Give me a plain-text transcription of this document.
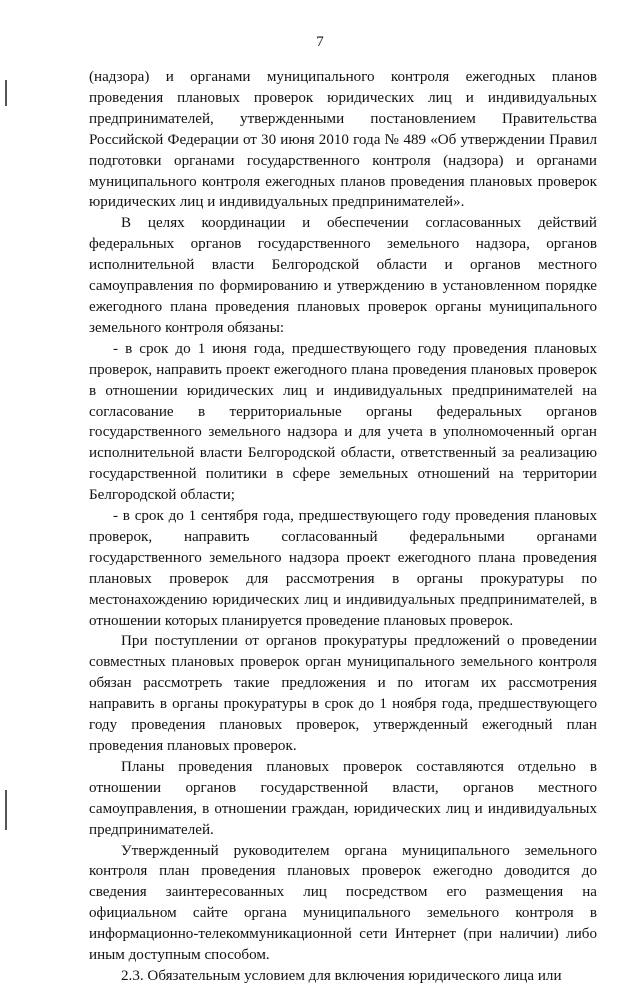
7

(надзора) и органами муниципального контроля ежегодных планов проведения плановых проверок юридических лиц и индивидуальных предпринимателей, утвержденными постановлением Правительства Российской Федерации от 30 июня 2010 года № 489 «Об утверждении Правил подготовки органами государственного контроля (надзора) и органами муниципального контроля ежегодных планов проведения плановых проверок юридических лиц и индивидуальных предпринимателей».

В целях координации и обеспечении согласованных действий федеральных органов государственного земельного надзора, органов исполнительной власти Белгородской области и органов местного самоуправления по формированию и утверждению в установленном порядке ежегодного плана проведения плановых проверок органы муниципального земельного контроля обязаны:

- в срок до 1 июня года, предшествующего году проведения плановых проверок, направить проект ежегодного плана проведения плановых проверок в отношении юридических лиц и индивидуальных предпринимателей на согласование в территориальные органы федеральных органов государственного земельного надзора и для учета в уполномоченный орган исполнительной власти Белгородской области, ответственный за реализацию государственной политики в сфере земельных отношений на территории Белгородской области;

- в срок до 1 сентября года, предшествующего году проведения плановых проверок, направить согласованный федеральными органами государственного земельного надзора проект ежегодного плана проведения плановых проверок для рассмотрения в органы прокуратуры по местонахождению юридических лиц и индивидуальных предпринимателей, в отношении которых планируется проведение плановых проверок.

При поступлении от органов прокуратуры предложений о проведении совместных плановых проверок орган муниципального земельного контроля обязан рассмотреть такие предложения и по итогам их рассмотрения направить в органы прокуратуры в срок до 1 ноября года, предшествующего году проведения плановых проверок, утвержденный ежегодный план проведения плановых проверок.

Планы проведения плановых проверок составляются отдельно в отношении органов государственной власти, органов местного самоуправления, в отношении граждан, юридических лиц и индивидуальных предпринимателей.

Утвержденный руководителем органа муниципального земельного контроля план проведения плановых проверок ежегодно доводится до сведения заинтересованных лиц посредством его размещения на официальном сайте органа муниципального земельного контроля в информационно-телекоммуникационной сети Интернет (при наличии) либо иным доступным способом.

2.3. Обязательным условием для включения юридического лица или
